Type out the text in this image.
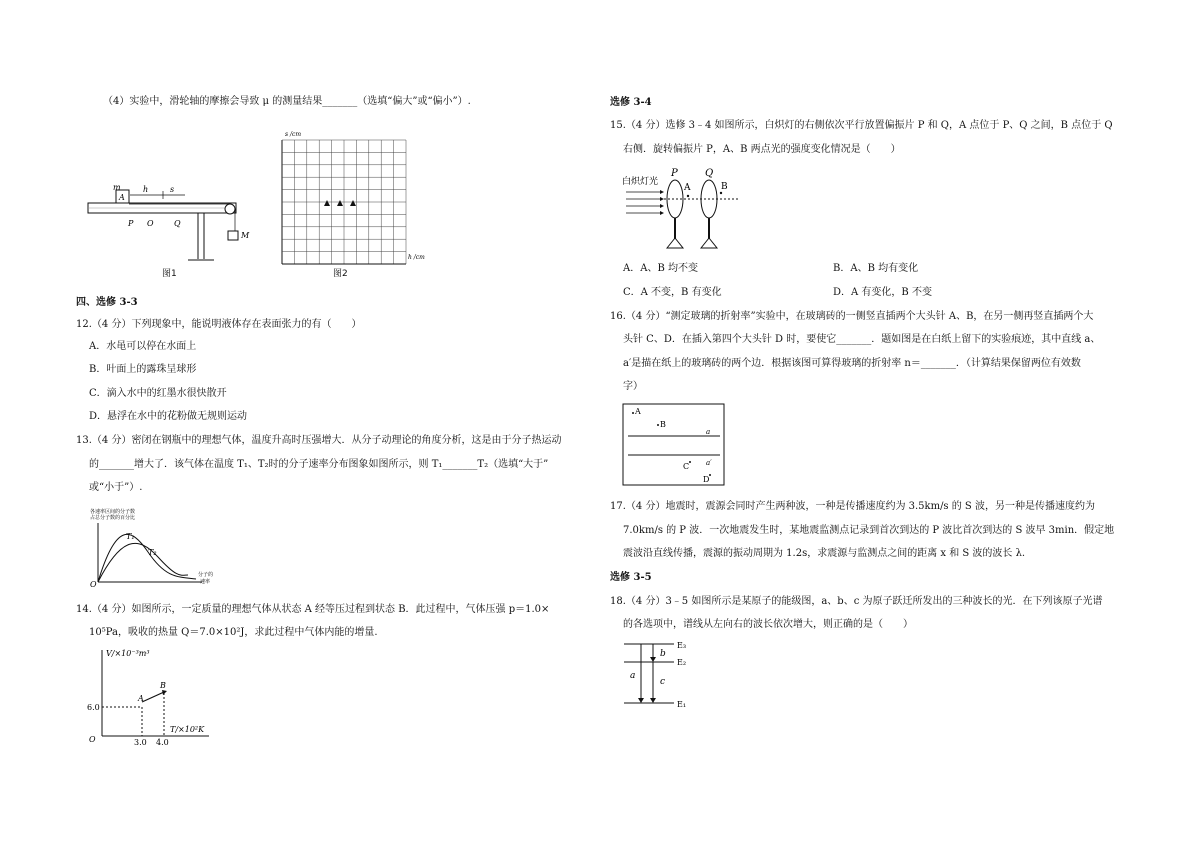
（4）实验中，滑轮轴的摩擦会导致 μ 的测量结果_______（选填“偏大”或“偏小”）.
A
m	h	s
P O	Q
M
图1
s /cm
h /cm
图2
四、选修 3-3
12.（4 分）下列现象中，能说明液体存在表面张力的有（　　）
A．水黾可以停在水面上
B．叶面上的露珠呈球形
C．滴入水中的红墨水很快散开
D．悬浮在水中的花粉做无规则运动
13.（4 分）密闭在钢瓶中的理想气体，温度升高时压强增大．从分子动理论的角度分析，这是由于分子热运动
的_______增大了．该气体在温度 T₁、T₂时的分子速率分布图象如图所示，则 T₁_______T₂（选填“大于”
或“小于”）.
各速率区间的分子数
占总分子数的百分比
T₁
T₂
O
分子的
速率
14.（4 分）如图所示，一定质量的理想气体从状态 A 经等压过程到状态 B．此过程中，气体压强 p＝1.0×
10⁵Pa，吸收的热量 Q＝7.0×10²J，求此过程中气体内能的增量.
V/×10⁻³m³
T/×10²K
6.0
3.0 4.0
O
A
B
选修 3-4
15.（4 分）选修 3﹣4 如图所示，白炽灯的右侧依次平行放置偏振片 P 和 Q，A 点位于 P、Q 之间，B 点位于 Q
右侧．旋转偏振片 P，A、B 两点光的强度变化情况是（　　）
白炽灯光
P	Q
A	B
A．A、B 均不变	B．A、B 均有变化
C．A 不变，B 有变化	D．A 有变化，B 不变
16.（4 分）“测定玻璃的折射率”实验中，在玻璃砖的一侧竖直插两个大头针 A、B，在另一侧再竖直插两个大
头针 C、D．在插入第四个大头针 D 时，要使它_______．题如图是在白纸上留下的实验痕迹，其中直线 a、
a′是描在纸上的玻璃砖的两个边．根据该图可算得玻璃的折射率 n＝_______．（计算结果保留两位有效数
字）
A
B
a
a′
C
D
17.（4 分）地震时，震源会同时产生两种波，一种是传播速度约为 3.5km/s 的 S 波，另一种是传播速度约为
7.0km/s 的 P 波．一次地震发生时，某地震监测点记录到首次到达的 P 波比首次到达的 S 波早 3min．假定地
震波沿直线传播，震源的振动周期为 1.2s，求震源与监测点之间的距离 x 和 S 波的波长 λ.
选修 3-5
18.（4 分）3﹣5 如图所示是某原子的能级图，a、b、c 为原子跃迁所发出的三种波长的光．在下列该原子光谱
的各选项中，谱线从左向右的波长依次增大，则正确的是（　　）
E₃
E₂
E₁
a
b
c
